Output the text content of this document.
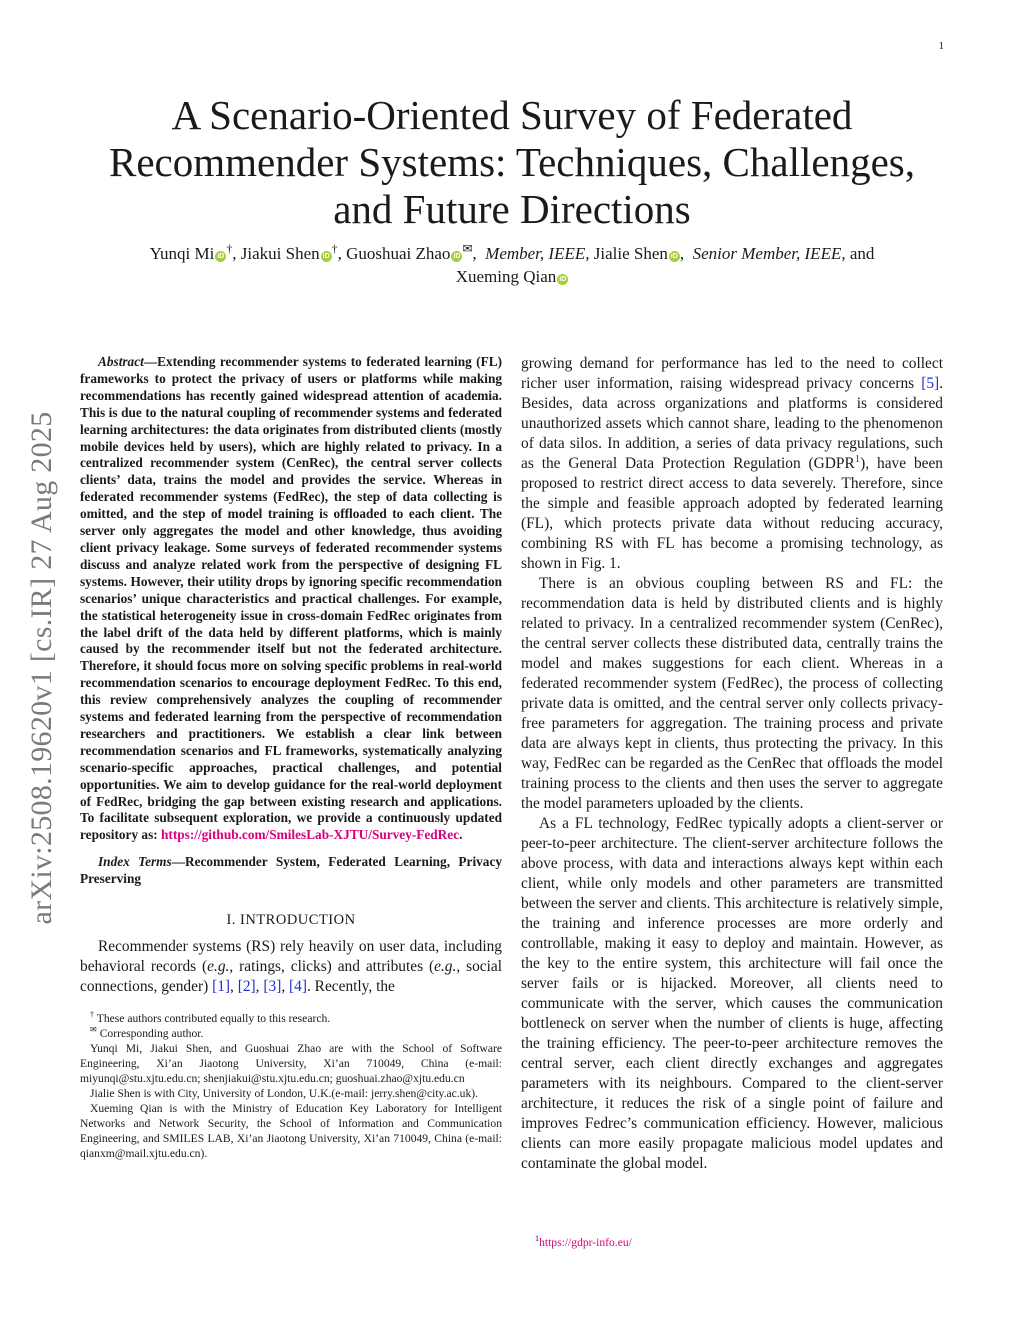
1
arXiv:2508.19620v1 [cs.IR] 27 Aug 2025
A Scenario-Oriented Survey of Federated Recommender Systems: Techniques, Challenges, and Future Directions
Yunqi Mi iD†, Jiakui Shen iD†, Guoshuai Zhao iD✉,  Member, IEEE, Jialie Shen iD ,  Senior Member, IEEE, and
Xueming Qian iD

Abstract—Extending recommender systems to federated learning (FL) frameworks to protect the privacy of users or platforms while making recommendations has recently gained widespread attention of academia. This is due to the natural coupling of recommender systems and federated learning architectures: the data originates from distributed clients (mostly mobile devices held by users), which are highly related to privacy. In a centralized recommender system (CenRec), the central server collects clients’ data, trains the model and provides the service. Whereas in federated recommender systems (FedRec), the step of data collecting is omitted, and the step of model training is offloaded to each client. The server only aggregates the model and other knowledge, thus avoiding client privacy leakage. Some surveys of federated recommender systems discuss and analyze related work from the perspective of designing FL systems. However, their utility drops by ignoring specific recommendation scenarios’ unique characteristics and practical challenges. For example, the statistical heterogeneity issue in cross-domain FedRec originates from the label drift of the data held by different platforms, which is mainly caused by the recommender itself but not the federated architecture. Therefore, it should focus more on solving specific problems in real-world recommendation scenarios to encourage deployment FedRec. To this end, this review comprehensively analyzes the coupling of recommender systems and federated learning from the perspective of recommendation researchers and practitioners. We establish a clear link between recommendation scenarios and FL frameworks, systematically analyzing scenario-specific approaches, practical challenges, and potential opportunities. We aim to develop guidance for the real-world deployment of FedRec, bridging the gap between existing research and applications. To facilitate subsequent exploration, we provide a continuously updated repository as: https://github.com/SmilesLab-XJTU/Survey-FedRec.

Index Terms—Recommender System, Federated Learning, Privacy Preserving

I. INTRODUCTION

Recommender systems (RS) rely heavily on user data, including behavioral records (e.g., ratings, clicks) and attributes (e.g., social connections, gender) [1], [2], [3], [4]. Recently, the

† These authors contributed equally to this research.

✉ Corresponding author.

Yunqi Mi, Jiakui Shen, and Guoshuai Zhao are with the School of Software Engineering, Xi’an Jiaotong University, Xi’an 710049, China (e-mail: miyunqi@stu.xjtu.edu.cn; shenjiakui@stu.xjtu.edu.cn; guoshuai.zhao@xjtu.edu.cn

Jialie Shen is with City, University of London, U.K.(e-mail: jerry.shen@city.ac.uk).

Xueming Qian is with the Ministry of Education Key Laboratory for Intelligent Networks and Network Security, the School of Information and Communication Engineering, and SMILES LAB, Xi’an Jiaotong University, Xi’an 710049, China (e-mail: qianxm@mail.xjtu.edu.cn).

growing demand for performance has led to the need to collect richer user information, raising widespread privacy concerns [5]. Besides, data across organizations and platforms is considered unauthorized assets which cannot share, leading to the phenomenon of data silos. In addition, a series of data privacy regulations, such as the General Data Protection Regulation (GDPR$^1$), have been proposed to restrict direct access to data severely. Therefore, since the simple and feasible approach adopted by federated learning (FL), which protects private data without reducing accuracy, combining RS with FL has become a promising technology, as shown in Fig. 1.

There is an obvious coupling between RS and FL: the recommendation data is held by distributed clients and is highly related to privacy. In a centralized recommender system (CenRec), the central server collects these distributed data, centrally trains the model and makes suggestions for each client. Whereas in a federated recommender system (FedRec), the process of collecting private data is omitted, and the central server only collects privacy-free parameters for aggregation. The training process and private data are always kept in clients, thus protecting the privacy. In this way, FedRec can be regarded as the CenRec that offloads the model training process to the clients and then uses the server to aggregate the model parameters uploaded by the clients.

As a FL technology, FedRec typically adopts a client-server or peer-to-peer architecture. The client-server architecture follows the above process, with data and interactions always kept within each client, while only models and other parameters are transmitted between the server and clients. This architecture is relatively simple, the training and inference processes are more orderly and controllable, making it easy to deploy and maintain. However, as the key to the entire system, this architecture will fail once the server fails or is hijacked. Moreover, all clients need to communicate with the server, which causes the communication bottleneck on server when the number of clients is huge, affecting the training efficiency. The peer-to-peer architecture removes the central server, each client directly exchanges and aggregates parameters with its neighbours. Compared to the client-server architecture, it reduces the risk of a single point of failure and improves Fedrec’s communication efficiency. However, malicious clients can more easily propagate malicious model updates and contaminate the global model.

$^1$https://gdpr-info.eu/
